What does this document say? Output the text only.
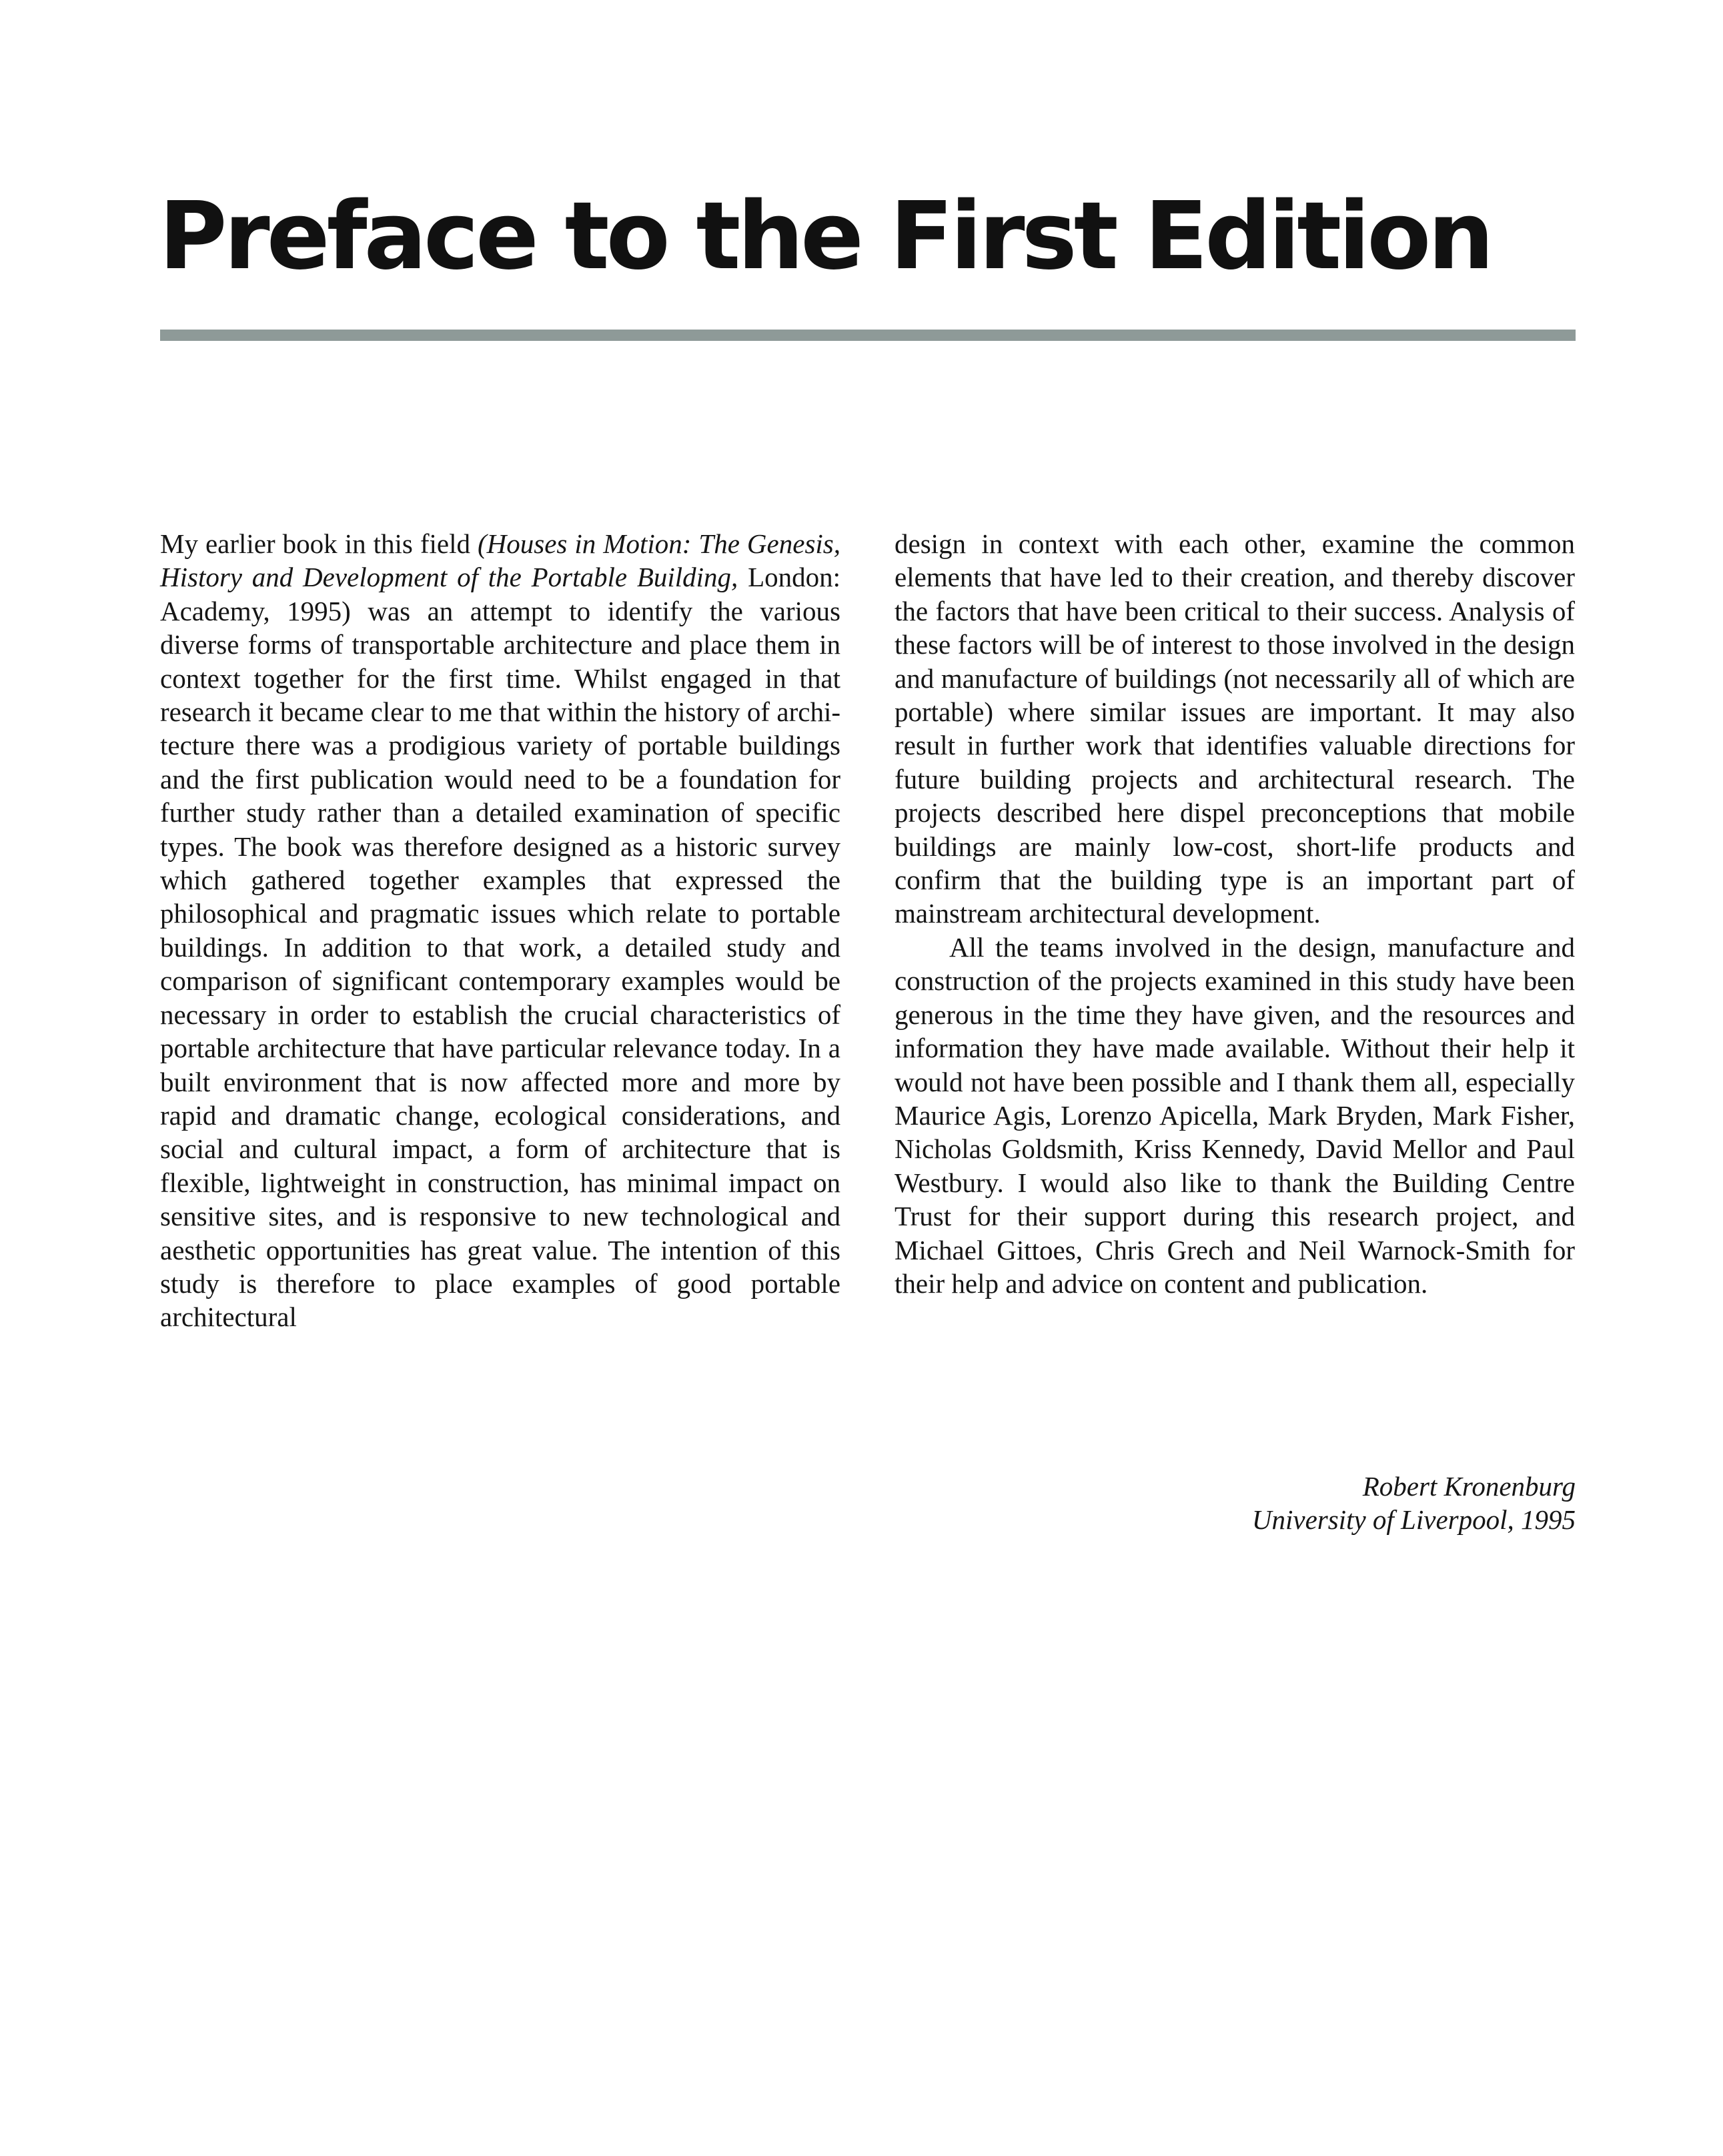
Preface to the First Edition

My earlier book in this field (Houses in Motion: The Genesis, History and Development of the Portable Building, London: Academy, 1995) was an attempt to identify the various diverse forms of transportable architecture and place them in context together for the first time. Whilst engaged in that research it became clear to me that within the history of architecture there was a prodigious variety of portable buildings and the first publication would need to be a foundation for further study rather than a detailed examination of specific types. The book was therefore designed as a historic survey which gathered together examples that expressed the philosophical and pragmatic issues which relate to portable buildings. In addition to that work, a detailed study and comparison of significant contemporary examples would be necessary in order to establish the crucial characteristics of portable architecture that have particular relevance today. In a built environment that is now affected more and more by rapid and dramatic change, ecological considerations, and social and cultural impact, a form of architecture that is flexible, lightweight in construction, has minimal impact on sensitive sites, and is responsive to new technological and aesthetic opportunities has great value. The intention of this study is therefore to place examples of good portable architectural

design in context with each other, examine the common elements that have led to their creation, and thereby discover the factors that have been critical to their success. Analysis of these factors will be of interest to those involved in the design and manufacture of buildings (not necessarily all of which are portable) where similar issues are important. It may also result in further work that identifies valuable directions for future building projects and architectural research. The projects described here dispel preconceptions that mobile buildings are mainly low-cost, short-life products and confirm that the building type is an important part of mainstream architectural development.

All the teams involved in the design, manufacture and construction of the projects examined in this study have been generous in the time they have given, and the resources and information they have made available. Without their help it would not have been possible and I thank them all, especially Maurice Agis, Lorenzo Apicella, Mark Bryden, Mark Fisher, Nicholas Goldsmith, Kriss Kennedy, David Mellor and Paul Westbury. I would also like to thank the Building Centre Trust for their support during this research project, and Michael Gittoes, Chris Grech and Neil Warnock-Smith for their help and advice on content and publication.

Robert Kronenburg
University of Liverpool, 1995
